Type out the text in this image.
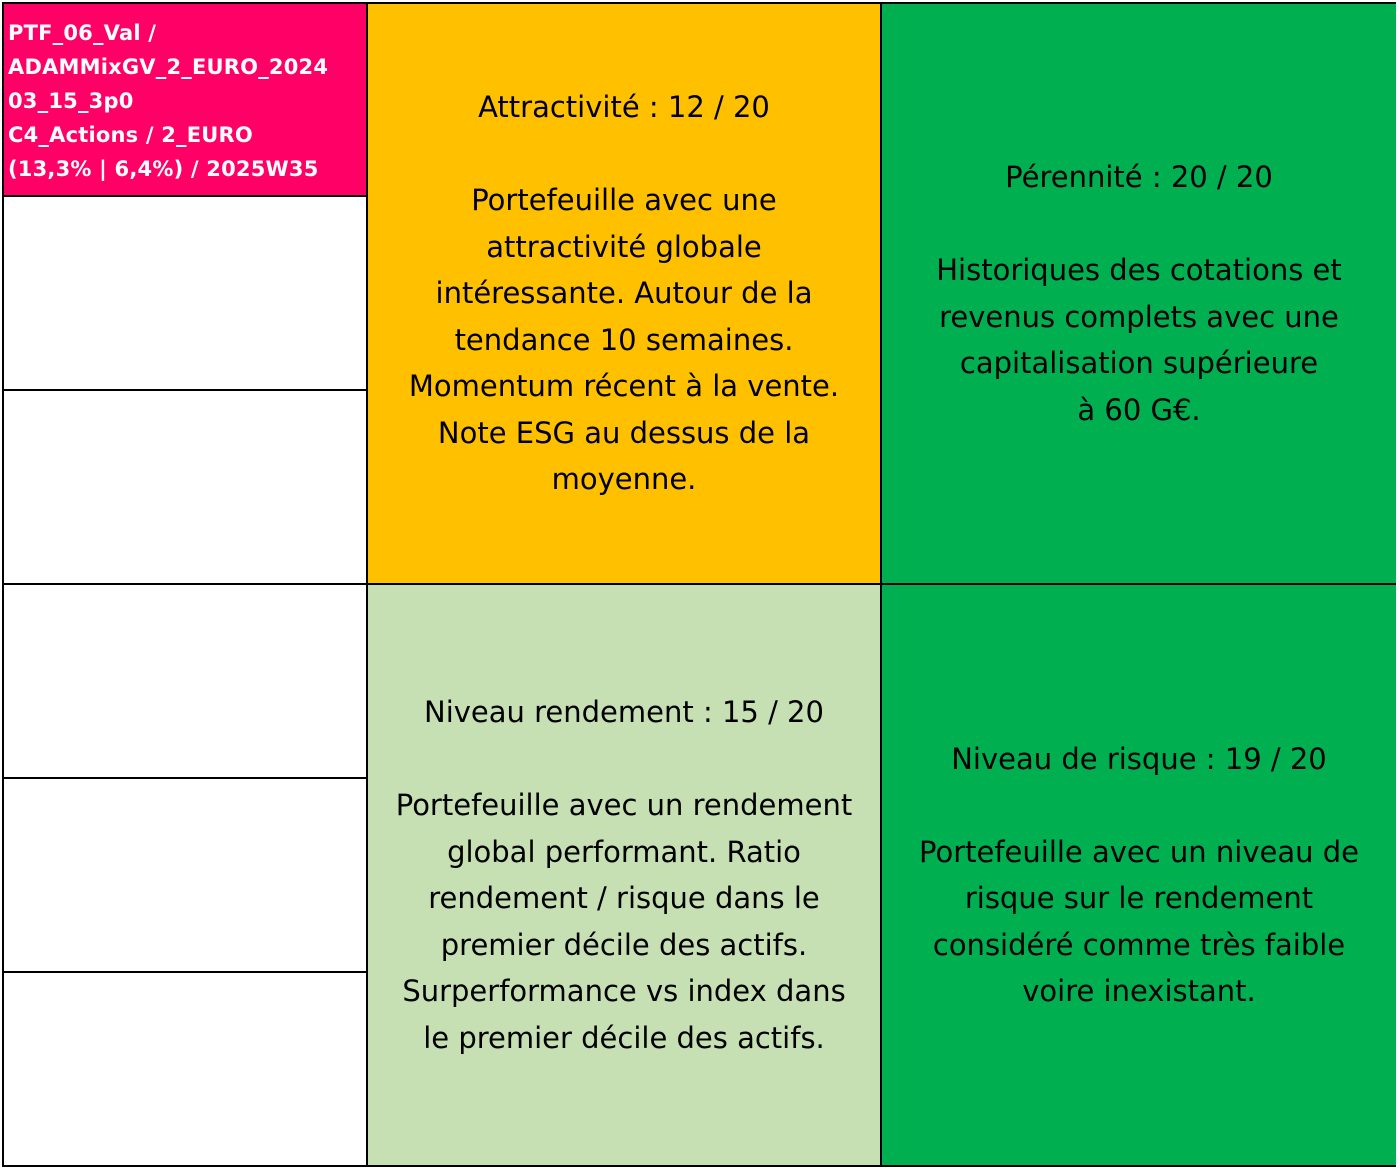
PTF_06_Val /
ADAMMixGV_2_EURO_2024
03_15_3p0
C4_Actions / 2_EURO
(13,3% | 6,4%) / 2025W35
Attractivité : 12 / 20
Portefeuille avec une
attractivité globale
intéressante. Autour de la
tendance 10 semaines.
Momentum récent à la vente.
Note ESG au dessus de la
moyenne.
Pérennité : 20 / 20
Historiques des cotations et
revenus complets avec une
capitalisation supérieure
à 60 G€.
Niveau rendement : 15 / 20
Portefeuille avec un rendement
global performant. Ratio
rendement / risque dans le
premier décile des actifs.
Surperformance vs index dans
le premier décile des actifs.
Niveau de risque : 19 / 20
Portefeuille avec un niveau de
risque sur le rendement
considéré comme très faible
voire inexistant.
